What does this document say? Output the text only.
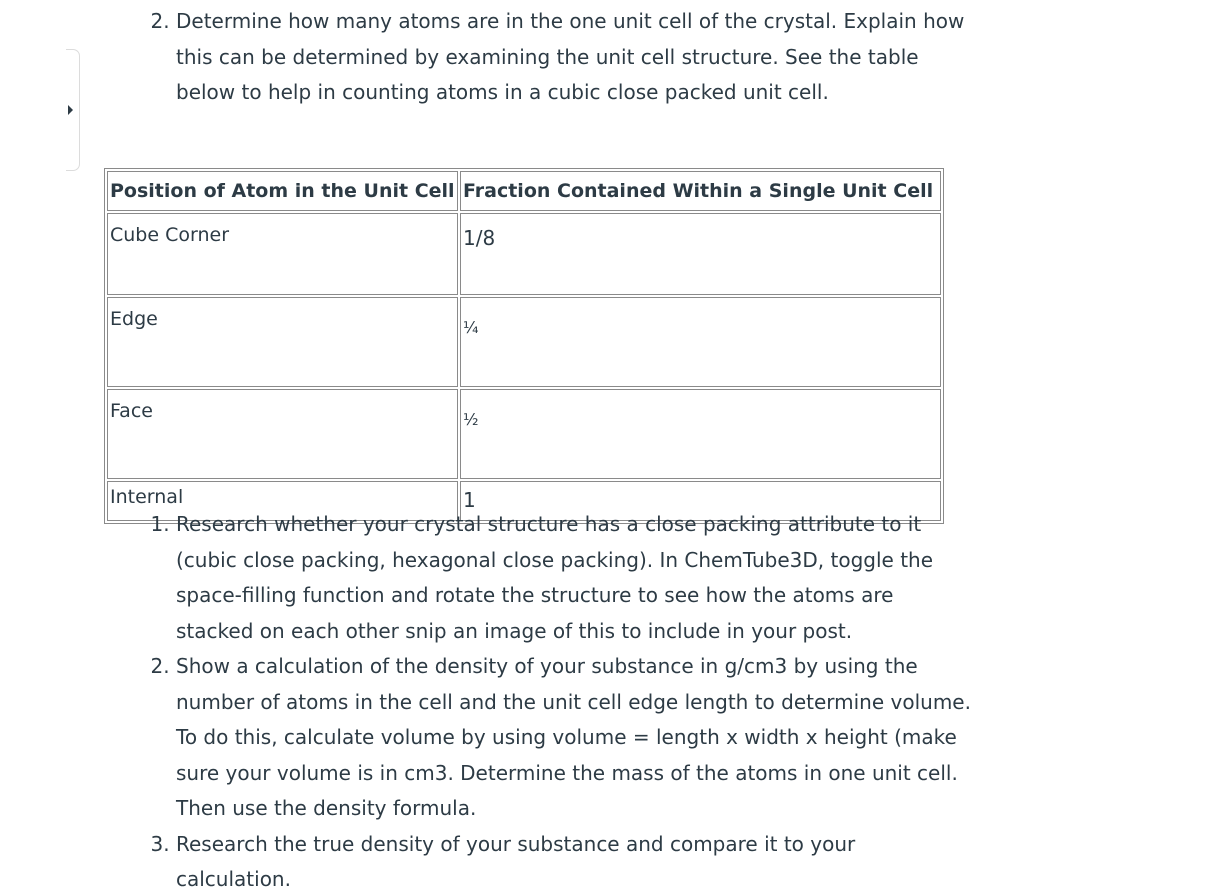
2. Determine how many atoms are in the one unit cell of the crystal. Explain how this can be determined by examining the unit cell structure. See the table below to help in counting atoms in a cubic close packed unit cell.
Position of Atom in the Unit Cell	Fraction Contained Within a Single Unit Cell
Cube Corner	1/8
Edge	¼
Face	½
Internal	1
1. Research whether your crystal structure has a close packing attribute to it (cubic close packing, hexagonal close packing). In ChemTube3D, toggle the space-filling function and rotate the structure to see how the atoms are stacked on each other snip an image of this to include in your post.
2. Show a calculation of the density of your substance in g/cm3 by using the number of atoms in the cell and the unit cell edge length to determine volume. To do this, calculate volume by using volume = length x width x height (make sure your volume is in cm3. Determine the mass of the atoms in one unit cell. Then use the density formula.
3. Research the true density of your substance and compare it to your calculation.
